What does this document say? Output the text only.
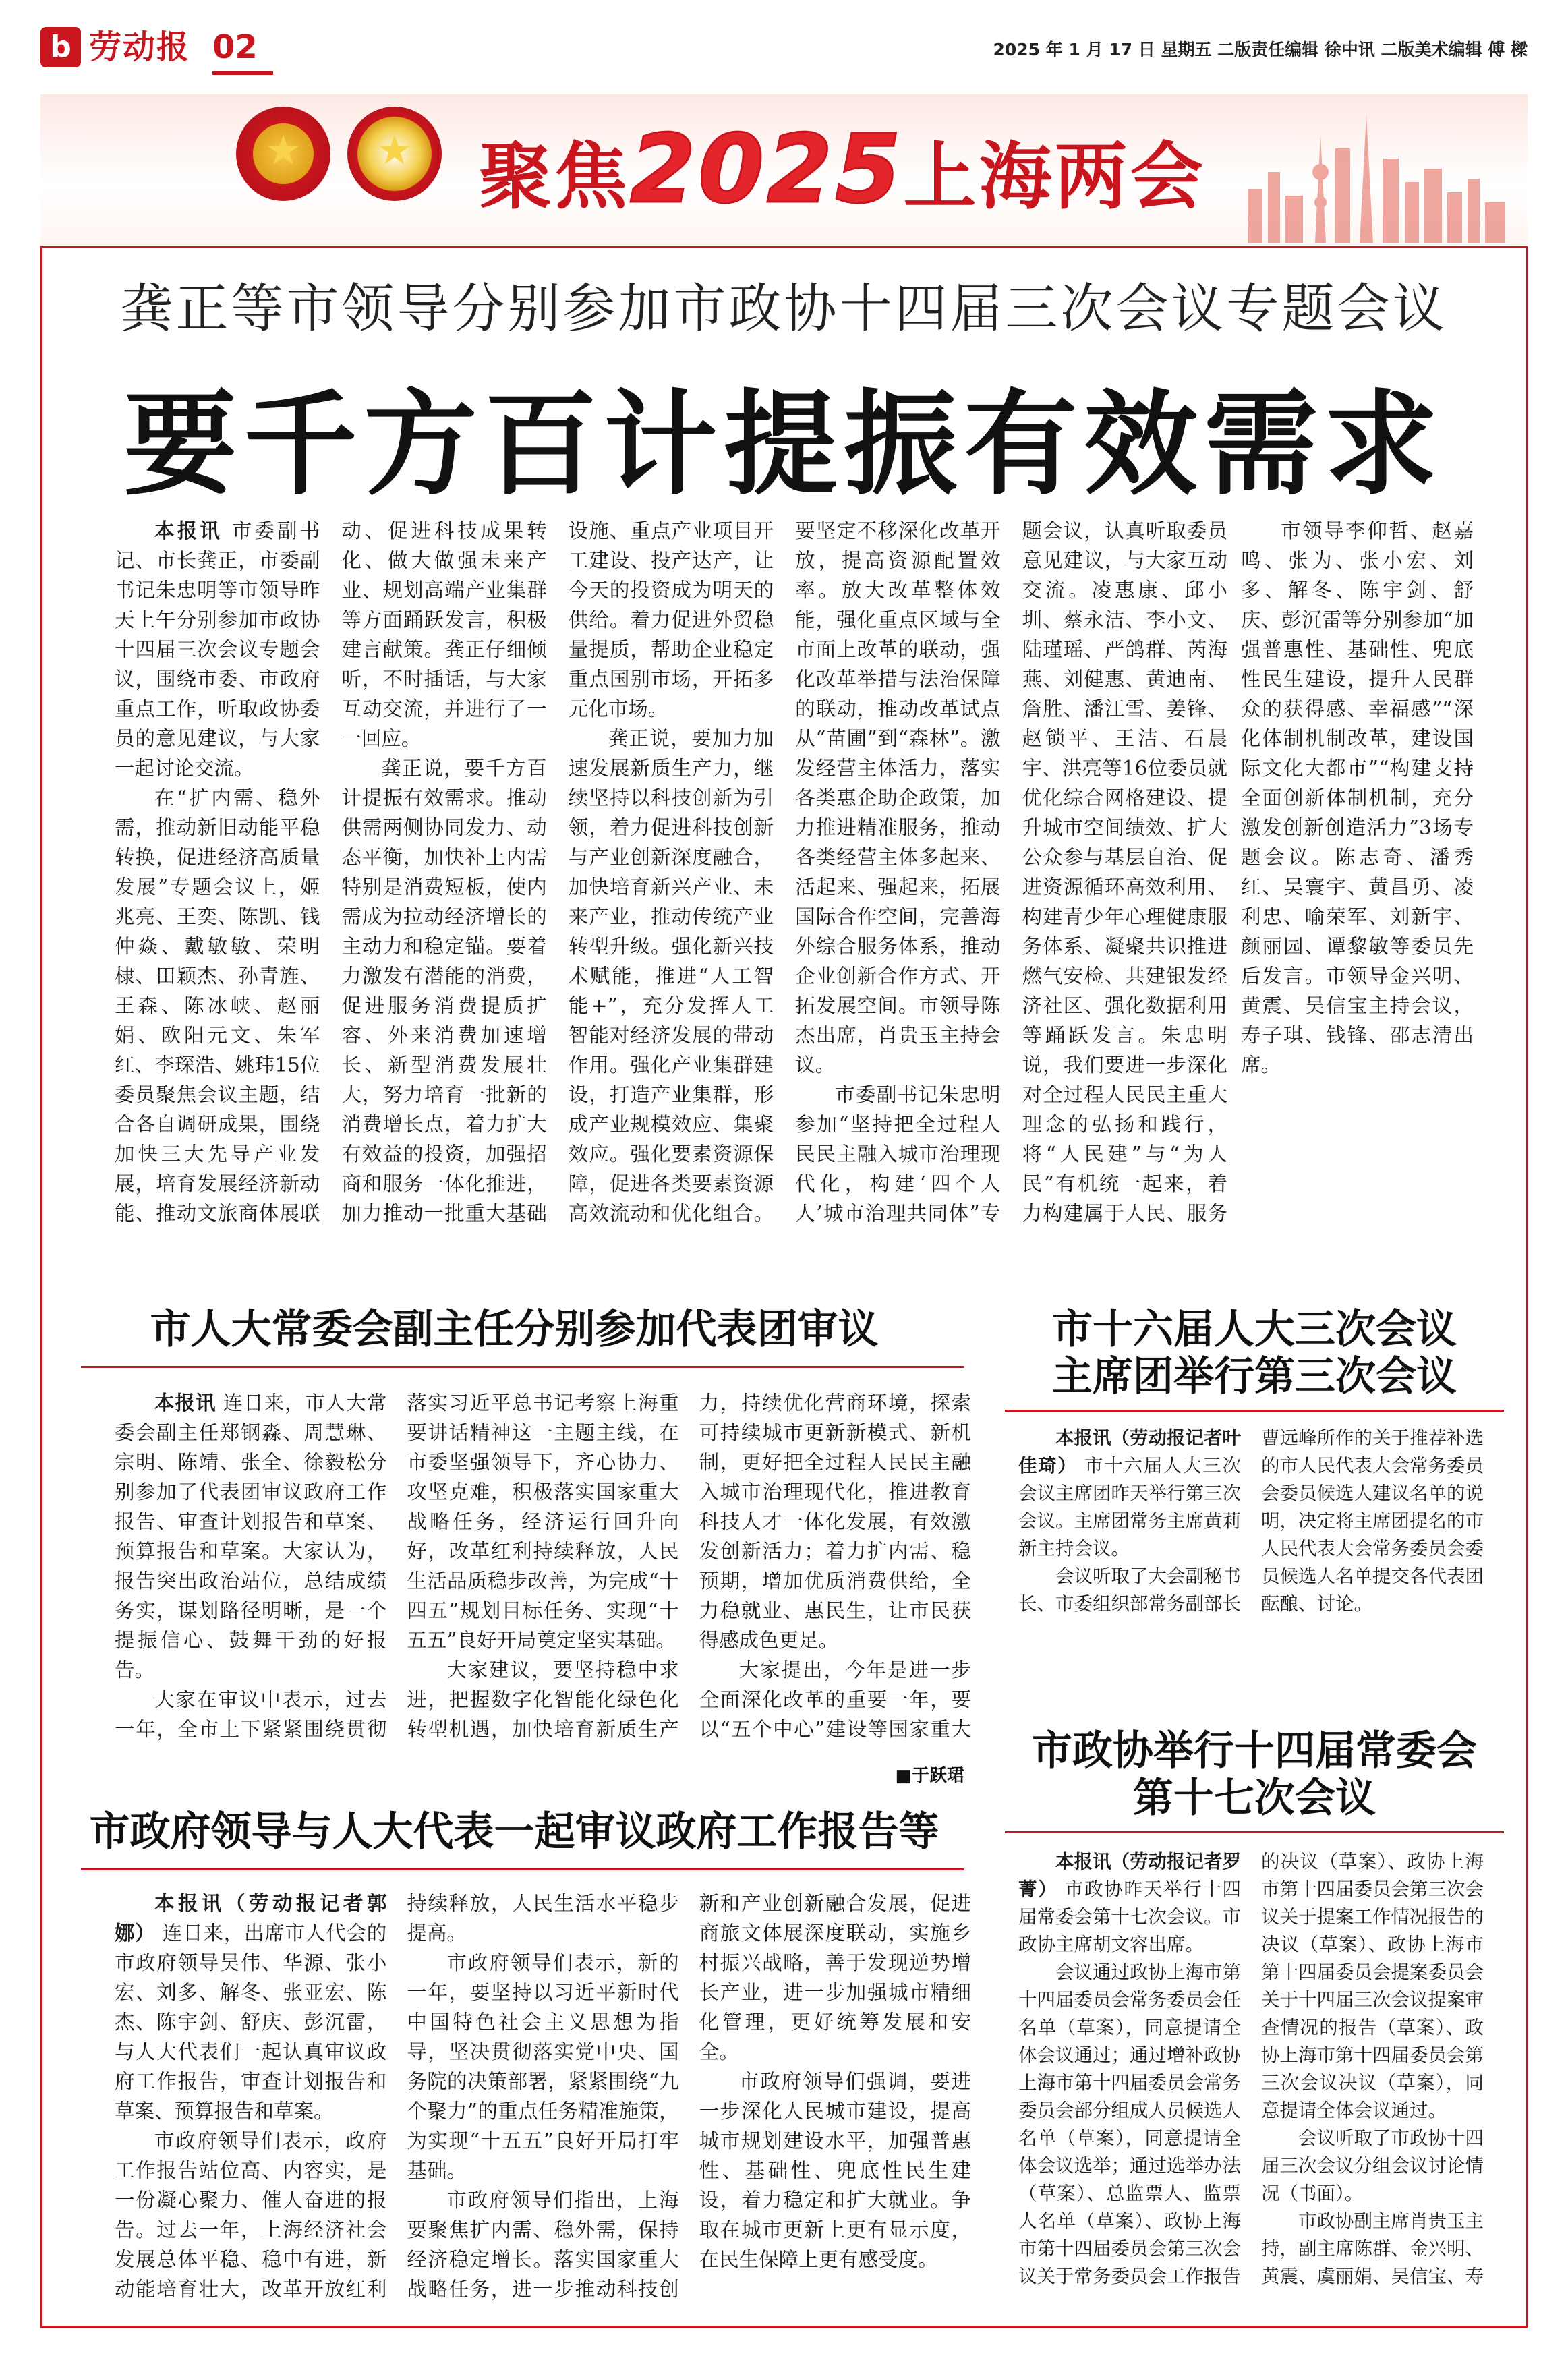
b 劳动报 02	2025 年 1 月 17 日 星期五 二版责任编辑 徐中讯 二版美术编辑 傅 樑
★	★ 聚焦2025上海两会
龚正等市领导分别参加市政协十四届三次会议专题会议
要千方百计提振有效需求

本报讯 市委副书记、市长龚正，市委副书记朱忠明等市领导昨天上午分别参加市政协十四届三次会议专题会议，围绕市委、市政府重点工作，听取政协委员的意见建议，与大家一起讨论交流。

在“扩内需、稳外需，推动新旧动能平稳转换，促进经济高质量发展”专题会议上，姬兆亮、王奕、陈凯、钱仲焱、戴敏敏、荣明棣、田颖杰、孙青旌、王森、陈冰峡、赵丽娟、欧阳元文、朱军红、李琛浩、姚玮15位委员聚焦会议主题，结合各自调研成果，围绕加快三大先导产业发展，培育发展经济新动能、推动文旅商体展联动、促进科技成果转化、做大做强未来产业、规划高端产业集群等方面踊跃发言，积极建言献策。龚正仔细倾听，不时插话，与大家互动交流，并进行了一一回应。

龚正说，要千方百计提振有效需求。推动供需两侧协同发力、动态平衡，加快补上内需特别是消费短板，使内需成为拉动经济增长的主动力和稳定锚。要着力激发有潜能的消费，促进服务消费提质扩容、外来消费加速增长、新型消费发展壮大，努力培育一批新的消费增长点，着力扩大有效益的投资，加强招商和服务一体化推进，加力推动一批重大基础设施、重点产业项目开工建设、投产达产，让今天的投资成为明天的供给。着力促进外贸稳量提质，帮助企业稳定重点国别市场，开拓多元化市场。

龚正说，要加力加速发展新质生产力，继续坚持以科技创新为引领，着力促进科技创新与产业创新深度融合，加快培育新兴产业、未来产业，推动传统产业转型升级。强化新兴技术赋能，推进“人工智能+”，充分发挥人工智能对经济发展的带动作用。强化产业集群建设，打造产业集群，形成产业规模效应、集聚效应。强化要素资源保障，促进各类要素资源高效流动和优化组合。要坚定不移深化改革开放，提高资源配置效率。放大改革整体效能，强化重点区域与全市面上改革的联动，强化改革举措与法治保障的联动，推动改革试点从“苗圃”到“森林”。激发经营主体活力，落实各类惠企助企政策，加力推进精准服务，推动各类经营主体多起来、活起来、强起来，拓展国际合作空间，完善海外综合服务体系，推动企业创新合作方式、开拓发展空间。市领导陈杰出席，肖贵玉主持会议。

市委副书记朱忠明参加“坚持把全过程人民民主融入城市治理现代化，构建‘四个人人’城市治理共同体”专题会议，认真听取委员意见建议，与大家互动交流。凌惠康、邱小圳、蔡永洁、李小文、陆瑾瑶、严鸽群、芮海燕、刘健惠、黄迪南、詹胜、潘江雪、姜锋、赵锁平、王洁、石晨宇、洪亮等16位委员就优化综合网格建设、提升城市空间绩效、扩大公众参与基层自治、促进资源循环高效利用、构建青少年心理健康服务体系、凝聚共识推进燃气安检、共建银发经济社区、强化数据利用等踊跃发言。朱忠明说，我们要进一步深化对全过程人民民主重大理念的弘扬和践行，将“人民建”与“为人民”有机统一起来，着力构建属于人民、服务

市领导李仰哲、赵嘉鸣、张为、张小宏、刘多、解冬、陈宇剑、舒庆、彭沉雷等分别参加“加强普惠性、基础性、兜底性民生建设，提升人民群众的获得感、幸福感”“深化体制机制改革，建设国际文化大都市”“构建支持全面创新体制机制，充分激发创新创造活力”3场专题会议。陈志奇、潘秀红、吴寰宇、黄昌勇、凌利忠、喻荣军、刘新宇、颜丽园、谭黎敏等委员先后发言。市领导金兴明、黄震、吴信宝主持会议，寿子琪、钱锋、邵志清出席。

市人大常委会副主任分别参加代表团审议

本报讯 连日来，市人大常委会副主任郑钢淼、周慧琳、宗明、陈靖、张全、徐毅松分别参加了代表团审议政府工作报告、审查计划报告和草案、预算报告和草案。大家认为，报告突出政治站位，总结成绩务实，谋划路径明晰，是一个提振信心、鼓舞干劲的好报告。

大家在审议中表示，过去一年，全市上下紧紧围绕贯彻落实习近平总书记考察上海重要讲话精神这一主题主线，在市委坚强领导下，齐心协力、攻坚克难，积极落实国家重大战略任务，经济运行回升向好，改革红利持续释放，人民生活品质稳步改善，为完成“十四五”规划目标任务、实现“十五五”良好开局奠定坚实基础。

大家建议，要坚持稳中求进，把握数字化智能化绿色化转型机遇，加快培育新质生产力，持续优化营商环境，探索可持续城市更新新模式、新机制，更好把全过程人民民主融入城市治理现代化，推进教育科技人才一体化发展，有效激发创新活力；着力扩内需、稳预期，增加优质消费供给，全力稳就业、惠民生，让市民获得感成色更足。

大家提出，今年是进一步全面深化改革的重要一年，要以“五个中心”建设等国家重大

■于跃珺
市十六届人大三次会议
主席团举行第三次会议

本报讯（劳动报记者叶佳琦） 市十六届人大三次会议主席团昨天举行第三次会议。主席团常务主席黄莉新主持会议。

会议听取了大会副秘书长、市委组织部常务副部长曹远峰所作的关于推荐补选的市人民代表大会常务委员会委员候选人建议名单的说明，决定将主席团提名的市人民代表大会常务委员会委员候选人名单提交各代表团酝酿、讨论。

市政协举行十四届常委会
第十七次会议

本报讯（劳动报记者罗菁） 市政协昨天举行十四届常委会第十七次会议。市政协主席胡文容出席。

会议通过政协上海市第十四届委员会常务委员会任名单（草案），同意提请全体会议通过；通过增补政协上海市第十四届委员会常务委员会部分组成人员候选人名单（草案），同意提请全体会议选举；通过选举办法（草案）、总监票人、监票人名单（草案）、政协上海市第十四届委员会第三次会议关于常务委员会工作报告的决议（草案）、政协上海市第十四届委员会第三次会议关于提案工作情况报告的决议（草案）、政协上海市第十四届委员会提案委员会关于十四届三次会议提案审查情况的报告（草案）、政协上海市第十四届委员会第三次会议决议（草案），同意提请全体会议通过。

会议听取了市政协十四届三次会议分组会议讨论情况（书面）。

市政协副主席肖贵玉主持，副主席陈群、金兴明、黄震、虞丽娟、吴信宝、寿

市政府领导与人大代表一起审议政府工作报告等

本报讯（劳动报记者郭娜） 连日来，出席市人代会的市政府领导吴伟、华源、张小宏、刘多、解冬、张亚宏、陈杰、陈宇剑、舒庆、彭沉雷，与人大代表们一起认真审议政府工作报告，审查计划报告和草案、预算报告和草案。

市政府领导们表示，政府工作报告站位高、内容实，是一份凝心聚力、催人奋进的报告。过去一年，上海经济社会发展总体平稳、稳中有进，新动能培育壮大，改革开放红利持续释放，人民生活水平稳步提高。

市政府领导们表示，新的一年，要坚持以习近平新时代中国特色社会主义思想为指导，坚决贯彻落实党中央、国务院的决策部署，紧紧围绕“九个聚力”的重点任务精准施策，为实现“十五五”良好开局打牢基础。

市政府领导们指出，上海要聚焦扩内需、稳外需，保持经济稳定增长。落实国家重大战略任务，进一步推动科技创新和产业创新融合发展，促进商旅文体展深度联动，实施乡村振兴战略，善于发现逆势增长产业，进一步加强城市精细化管理，更好统筹发展和安全。

市政府领导们强调，要进一步深化人民城市建设，提高城市规划建设水平，加强普惠性、基础性、兜底性民生建设，着力稳定和扩大就业。争取在城市更新上更有显示度，在民生保障上更有感受度。
